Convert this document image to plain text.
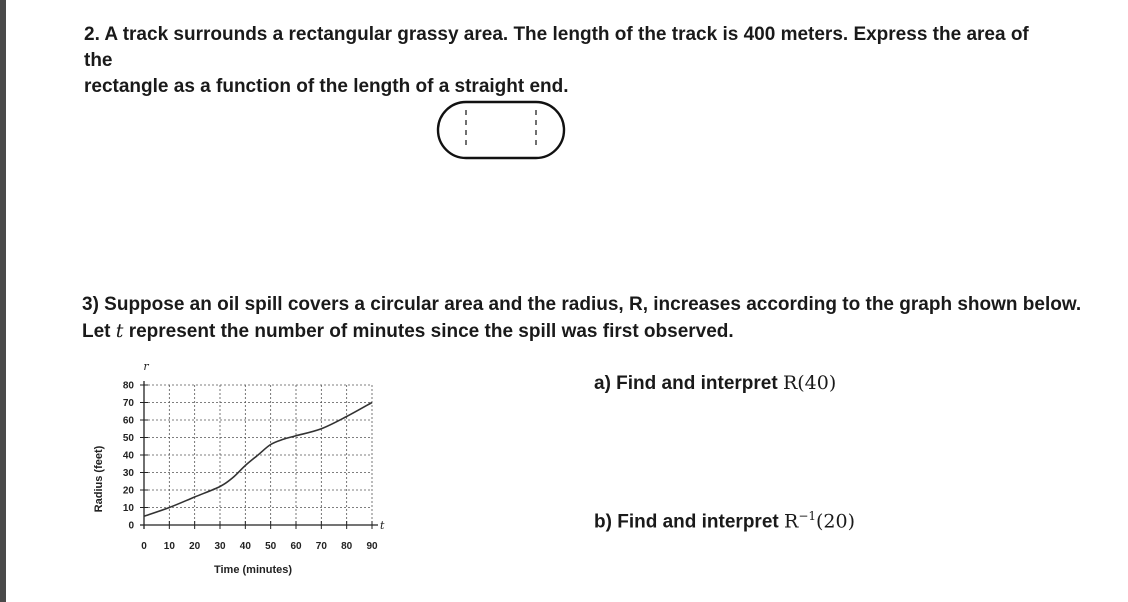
2. A track surrounds a rectangular grassy area. The length of the track is 400 meters. Express the area of the
rectangle as a function of the length of a straight end.
3) Suppose an oil spill covers a circular area and the radius, R, increases according to the graph shown below.
Let t represent the number of minutes since the spill was first observed.
a) Find and interpret R(40)
b) Find and interpret $R^{-1}(20)$
0
10
20
30
40
50
60
70
80
0 10 20 30 40 50 60 70 80 90
Radius (feet)
Time (minutes)
r
t
